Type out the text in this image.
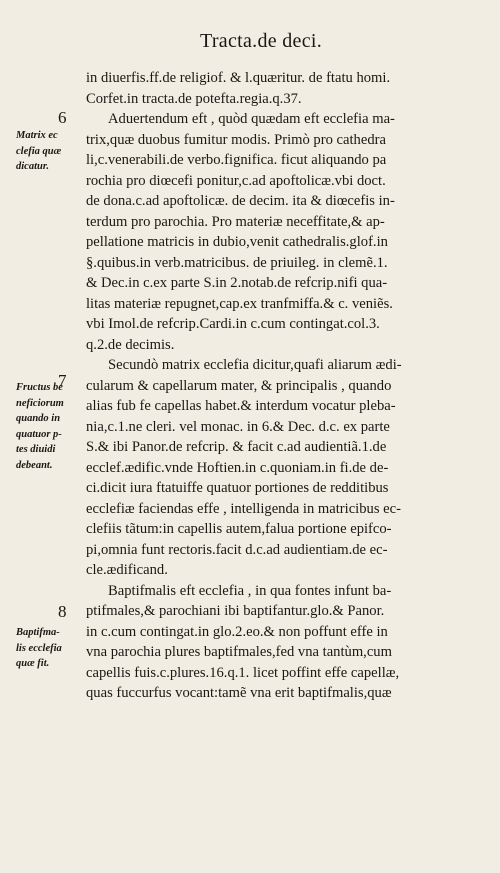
Tracta.de deci.
6
7
8
Matrix ec
clefia quæ
dicatur.
Fructus be
neficiorum
quando in
quatuor p-
tes diuidi
debeant.
Baptifma-
lis ecclefia
quæ fit.
in diuerfis.ff.de religiof. & l.quæritur. de ftatu homi.
Corfet.in tracta.de potefta.regia.q.37.
Aduertendum eft , quòd quædam eft ecclefia ma-
trix,quæ duobus fumitur modis. Primò pro cathedra
li,c.venerabili.de verbo.fignifica. ficut aliquando pa
rochia pro diœcefi ponitur,c.ad apoftolicæ.vbi doct.
de dona.c.ad apoftolicæ. de decim. ita & diœcefis in-
terdum pro parochia. Pro materiæ neceffitate,& ap-
pellatione matricis in dubio,venit cathedralis.glof.in
§.quibus.in verb.matricibus. de priuileg. in clemẽ.1.
& Dec.in c.ex parte S.in 2.notab.de refcrip.nifi qua-
litas materiæ repugnet,cap.ex tranfmiffa.& c. veniẽs.
vbi Imol.de refcrip.Cardi.in c.cum contingat.col.3.
q.2.de decimis.
Secundò matrix ecclefia dicitur,quafi aliarum ædi-
cularum & capellarum mater, & principalis , quando
alias fub fe capellas habet.& interdum vocatur pleba-
nia,c.1.ne cleri. vel monac. in 6.& Dec. d.c. ex parte
S.& ibi Panor.de refcrip. & facit c.ad audientiã.1.de
ecclef.ædific.vnde Hoftien.in c.quoniam.in fi.de de-
ci.dicit iura ftatuiffe quatuor portiones de redditibus
ecclefiæ faciendas effe , intelligenda in matricibus ec-
clefiis tãtum:in capellis autem,falua portione epifco-
pi,omnia funt rectoris.facit d.c.ad audientiam.de ec-
cle.ædificand.
Baptifmalis eft ecclefia , in qua fontes infunt ba-
ptifmales,& parochiani ibi baptifantur.glo.& Panor.
in c.cum contingat.in glo.2.eo.& non poffunt effe in
vna parochia plures baptifmales,fed vna tantùm,cum
capellis fuis.c.plures.16.q.1. licet poffint effe capellæ,
quas fuccurfus vocant:tamẽ vna erit baptifmalis,quæ
